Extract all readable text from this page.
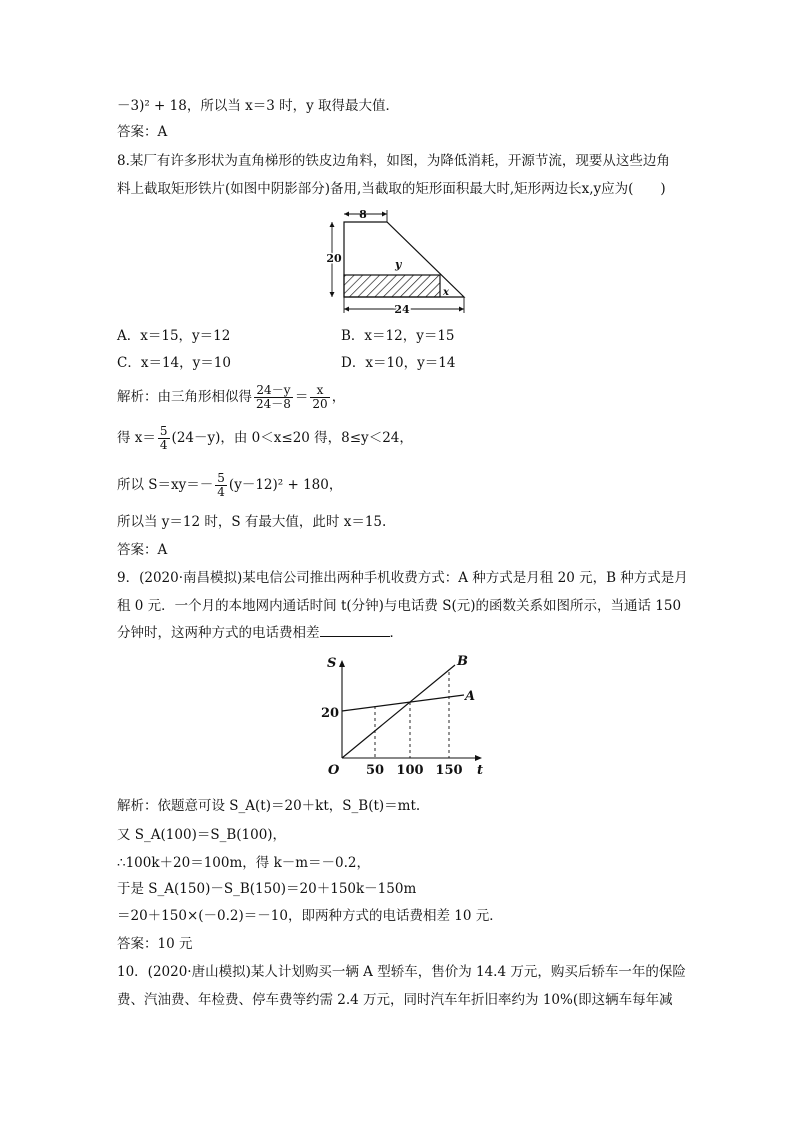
－3)² + 18，所以当 x＝3 时，y 取得最大值．
答案：A
8.某厂有许多形状为直角梯形的铁皮边角料，如图，为降低消耗，开源节流，现要从这些边角
料上截取矩形铁片(如图中阴影部分)备用,当截取的矩形面积最大时,矩形两边长x,y应为(　　)
8
20
24
y
x
A．x＝15，y＝12	B．x＝12，y＝15
C．x＝14，y＝10	D．x＝10，y＝14
解析：由三角形相似得 $\frac{24-y}{24-8} = \frac{x}{20}$ ，
得 $x= \frac{5}{4} (24-y)$，由 0＜x≤20 得，8≤y＜24，
所以 $S=xy=- \frac{5}{4} (y-12)^2 + 180$，
所以当 y＝12 时，S 有最大值，此时 x＝15.
答案：A
9．(2020·南昌模拟)某电信公司推出两种手机收费方式：A 种方式是月租 20 元，B 种方式是月
租 0 元．一个月的本地网内通话时间 t(分钟)与电话费 S(元)的函数关系如图所示，当通话 150
分钟时，这两种方式的电话费相差	．
S
t
O
20
50 100 150
A
B
解析：依题意可设 S_A(t)＝20＋kt，S_B(t)＝mt.
又 S_A(100)＝S_B(100)，
∴100k＋20＝100m，得 k－m＝－0.2，
于是 S_A(150)－S_B(150)＝20＋150k－150m
＝20＋150×(－0.2)＝－10，即两种方式的电话费相差 10 元．
答案：10 元
10．(2020·唐山模拟)某人计划购买一辆 A 型轿车，售价为 14.4 万元，购买后轿车一年的保险
费、汽油费、年检费、停车费等约需 2.4 万元，同时汽车年折旧率约为 10%(即这辆车每年减
